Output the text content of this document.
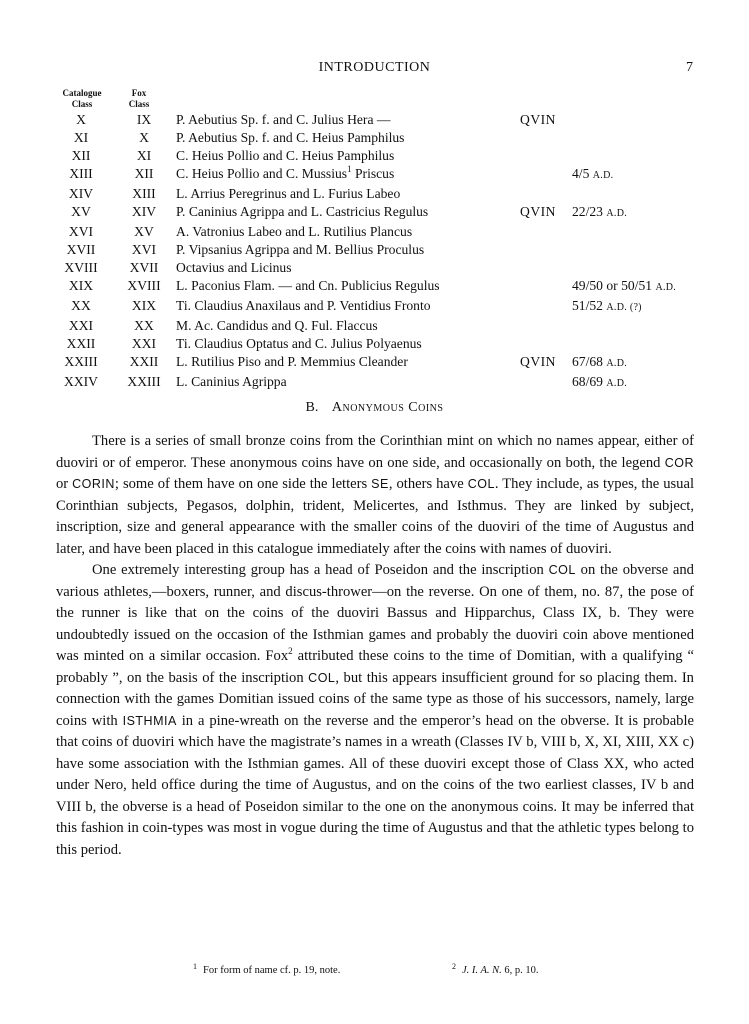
INTRODUCTION	7
Catalogue
Class
Fox
Class
X	IX	P. Aebutius Sp. f. and C. Julius Hera —	QVIN	
XI	X	P. Aebutius Sp. f. and C. Heius Pamphilus		
XII	XI	C. Heius Pollio and C. Heius Pamphilus		
XIII	XII	C. Heius Pollio and C. Mussius$^1$ Priscus		4/5 A.D.
XIV	XIII	L. Arrius Peregrinus and L. Furius Labeo		
XV	XIV	P. Caninius Agrippa and L. Castricius Regulus	QVIN	22/23 A.D.
XVI	XV	A. Vatronius Labeo and L. Rutilius Plancus		
XVII	XVI	P. Vipsanius Agrippa and M. Bellius Proculus		
XVIII	XVII	Octavius and Licinus		
XIX	XVIII	L. Paconius Flam. — and Cn. Publicius Regulus		49/50 or 50/51 A.D.
XX	XIX	Ti. Claudius Anaxilaus and P. Ventidius Fronto		51/52 A.D. (?)
XXI	XX	M. Ac. Candidus and Q. Ful. Flaccus		
XXII	XXI	Ti. Claudius Optatus and C. Julius Polyaenus		
XXIII	XXII	L. Rutilius Piso and P. Memmius Cleander	QVIN	67/68 A.D.
XXIV	XXIII	L. Caninius Agrippa		68/69 A.D.
B. Anonymous Coins

There is a series of small bronze coins from the Corinthian mint on which no names appear, either of duoviri or of emperor. These anonymous coins have on one side, and occasionally on both, the legend COR or CORIN; some of them have on one side the letters SE, others have COL. They include, as types, the usual Corinthian subjects, Pegasos, dolphin, trident, Melicertes, and Isthmus. They are linked by subject, inscription, size and general appearance with the smaller coins of the duoviri of the time of Augustus and later, and have been placed in this catalogue immediately after the coins with names of duoviri.

One extremely interesting group has a head of Poseidon and the inscription COL on the obverse and various athletes,—boxers, runner, and discus-thrower—on the reverse. On one of them, no. 87, the pose of the runner is like that on the coins of the duoviri Bassus and Hipparchus, Class IX, b. They were undoubtedly issued on the occasion of the Isthmian games and probably the duoviri coin above mentioned was minted on a similar occasion. Fox$^2$ attributed these coins to the time of Domitian, with a qualifying “ probably ”, on the basis of the inscription COL, but this appears insufficient ground for so placing them. In connection with the games Domitian issued coins of the same type as those of his successors, namely, large coins with ISTHMIA in a pine-wreath on the reverse and the emperor’s head on the obverse. It is probable that coins of duoviri which have the magistrate’s names in a wreath (Classes IV b, VIII b, X, XI, XIII, XX c) have some association with the Isthmian games. All of these duoviri except those of Class XX, who acted under Nero, held office during the time of Augustus, and on the coins of the two earliest classes, IV b and VIII b, the obverse is a head of Poseidon similar to the one on the anonymous coins. It may be inferred that this fashion in coin-types was most in vogue during the time of Augustus and that the athletic types belong to this period.

$^1$ For form of name cf. p. 19, note.	$^2$ J. I. A. N. 6, p. 10.
